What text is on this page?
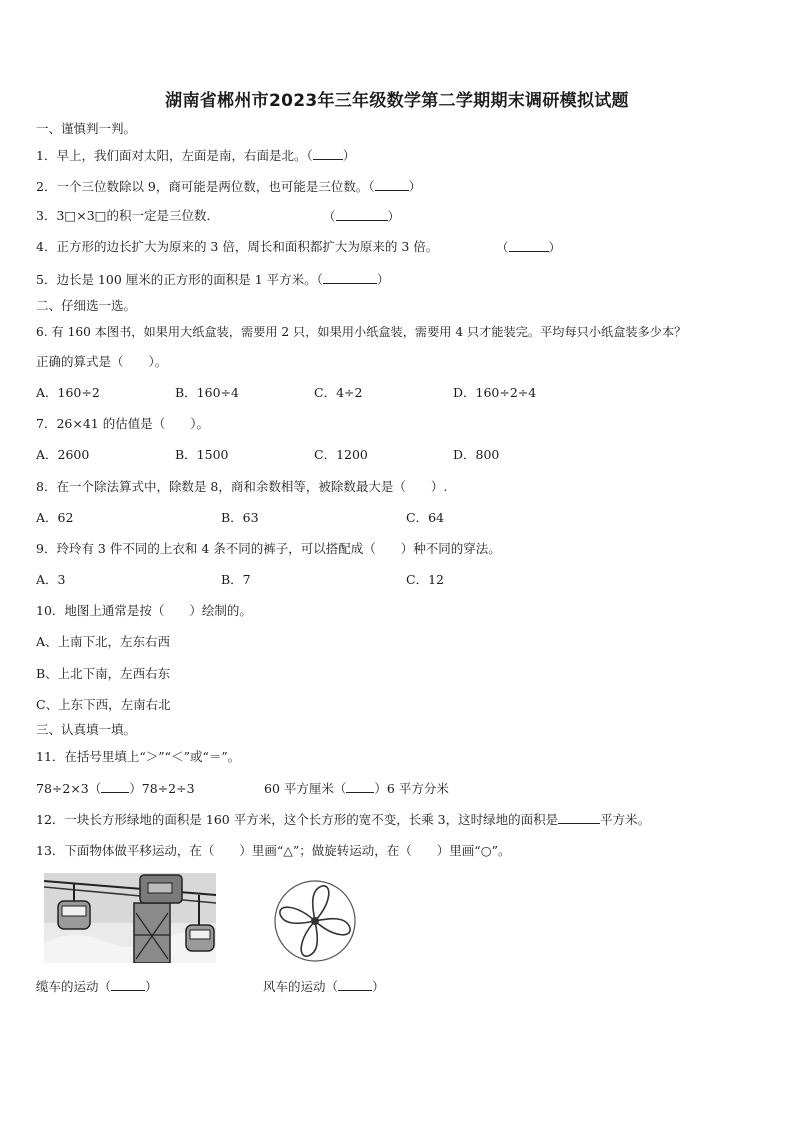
湖南省郴州市2023年三年级数学第二学期期末调研模拟试题
一、谨慎判一判。
1．早上，我们面对太阳，左面是南，右面是北。（ ）
2．一个三位数除以 9，商可能是两位数，也可能是三位数。（	）
3．3□×3□的积一定是三位数．	（	）
4．正方形的边长扩大为原来的 3 倍，周长和面积都扩大为原来的 3 倍。	（	）
5．边长是 100 厘米的正方形的面积是 1 平方米。（	）
二、仔细选一选。
6. 有 160 本图书，如果用大纸盒装，需要用 2 只，如果用小纸盒装，需要用 4 只才能装完。平均每只小纸盒装多少本？
正确的算式是（　　）。
A．160÷2	B．160÷4	C．4÷2	D．160÷2÷4
7．26×41 的估值是（　　）。
A．2600	B．1500	C．1200	D．800
8．在一个除法算式中，除数是 8，商和余数相等，被除数最大是（　　）.
A．62	B．63	C．64
9．玲玲有 3 件不同的上衣和 4 条不同的裤子，可以搭配成（　　）种不同的穿法。
A．3	B．7	C．12
10．地图上通常是按（　　）绘制的。
A、上南下北，左东右西
B、上北下南，左西右东
C、上东下西，左南右北
三、认真填一填。
11．在括号里填上“＞”“＜”或“＝”。
78÷2×3（ ）78÷2÷3	60 平方厘米（ ）6 平方分米
12．一块长方形绿地的面积是 160 平方米，这个长方形的宽不变，长乘 3，这时绿地的面积是	平方米。
13．下面物体做平移运动，在（　　）里画“△”；做旋转运动，在（　　）里画“○”。
缆车的运动（	）	风车的运动（	）
